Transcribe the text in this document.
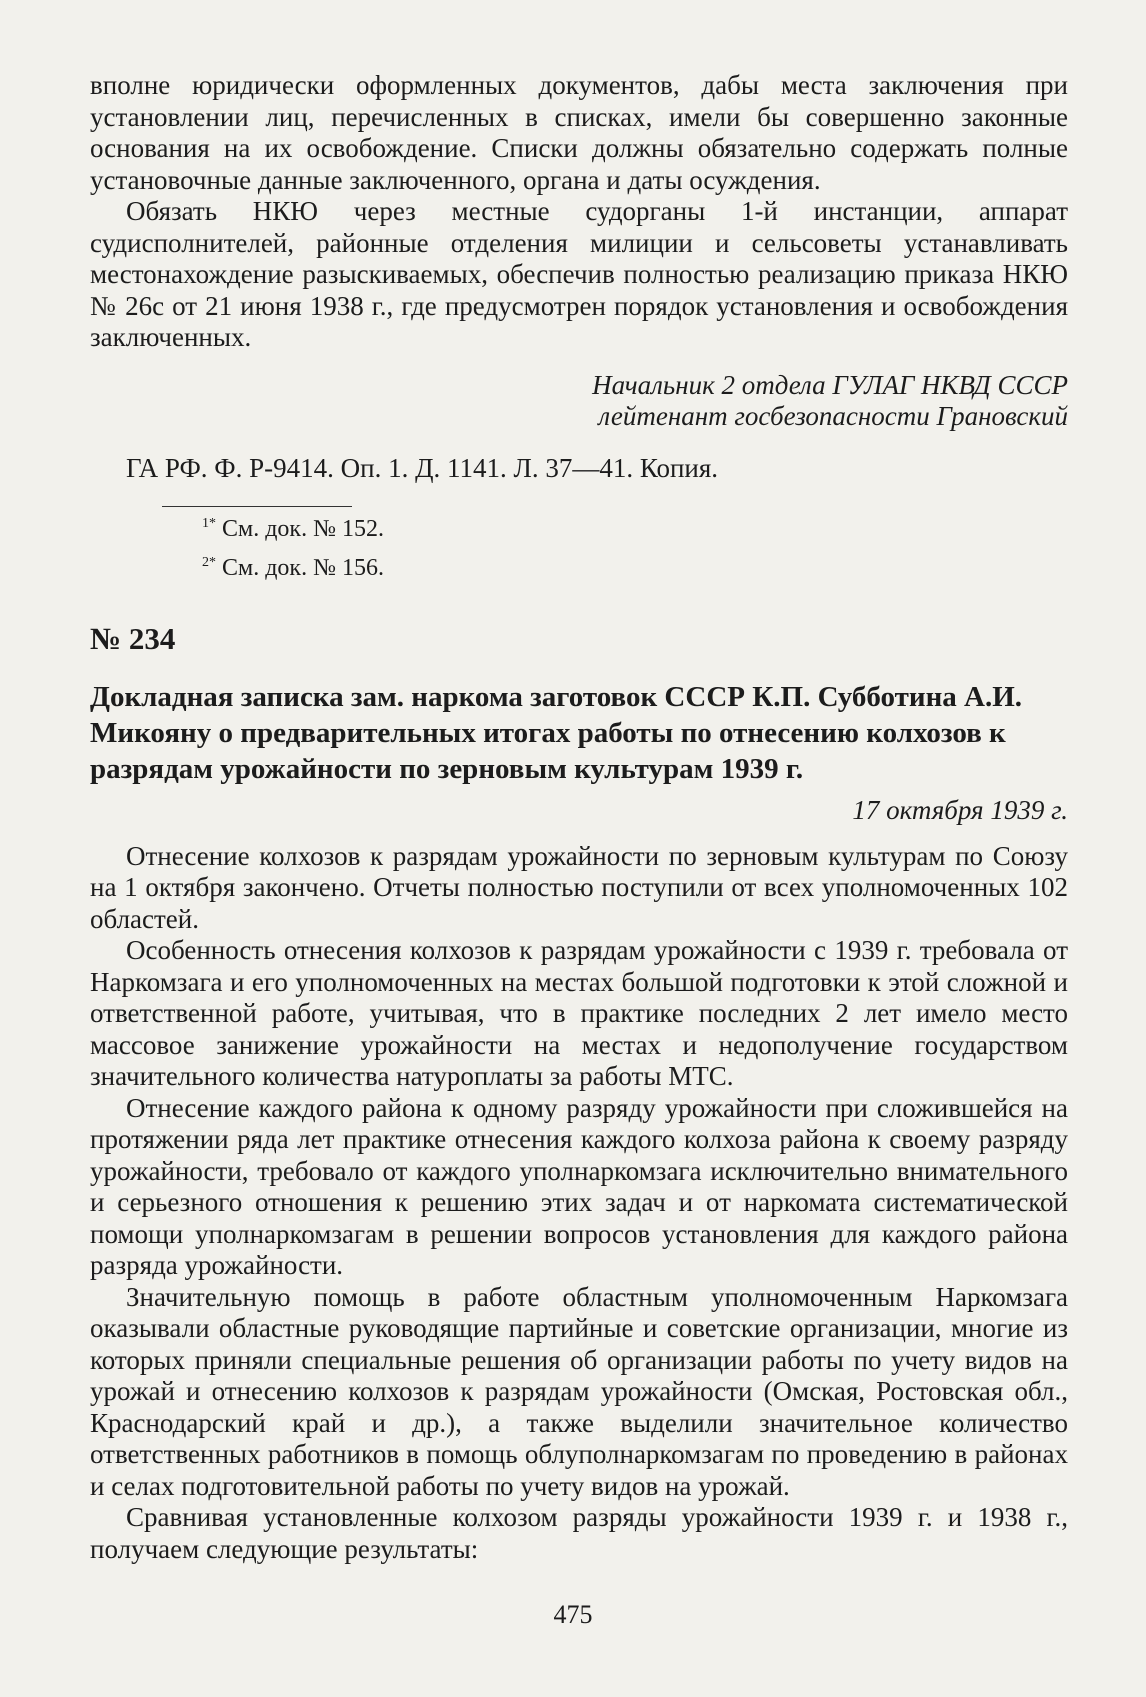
вполне юридически оформленных документов, дабы места заключения при установлении лиц, перечисленных в списках, имели бы совершенно законные основания на их освобождение. Списки должны обязательно содержать полные установочные данные заключенного, органа и даты осуждения.

Обязать НКЮ через местные судорганы 1-й инстанции, аппарат судисполнителей, районные отделения милиции и сельсоветы устанавливать местонахождение разыскиваемых, обеспечив полностью реализацию приказа НКЮ № 26с от 21 июня 1938 г., где предусмотрен порядок установления и освобождения заключенных.

Начальник 2 отдела ГУЛАГ НКВД СССР
лейтенант госбезопасности Грановский

ГА РФ. Ф. Р-9414. Оп. 1. Д. 1141. Л. 37—41. Копия.

$^{1*}$ См. док. № 152.
$^{2*}$ См. док. № 156.
№ 234
Докладная записка зам. наркома заготовок СССР К.П. Субботина А.И. Микояну о предварительных итогах работы по отнесению колхозов к разрядам урожайности по зерновым культурам 1939 г.

17 октября 1939 г.

Отнесение колхозов к разрядам урожайности по зерновым культурам по Союзу на 1 октября закончено. Отчеты полностью поступили от всех уполномоченных 102 областей.

Особенность отнесения колхозов к разрядам урожайности с 1939 г. требовала от Наркомзага и его уполномоченных на местах большой подготовки к этой сложной и ответственной работе, учитывая, что в практике последних 2 лет имело место массовое занижение урожайности на местах и недополучение государством значительного количества натуроплаты за работы МТС.

Отнесение каждого района к одному разряду урожайности при сложившейся на протяжении ряда лет практике отнесения каждого колхоза района к своему разряду урожайности, требовало от каждого уполнаркомзага исключительно внимательного и серьезного отношения к решению этих задач и от наркомата систематической помощи уполнаркомзагам в решении вопросов установления для каждого района разряда урожайности.

Значительную помощь в работе областным уполномоченным Наркомзага оказывали областные руководящие партийные и советские организации, многие из которых приняли специальные решения об организации работы по учету видов на урожай и отнесению колхозов к разрядам урожайности (Омская, Ростовская обл., Краснодарский край и др.), а также выделили значительное количество ответственных работников в помощь облуполнаркомзагам по проведению в районах и селах подготовительной работы по учету видов на урожай.

Сравнивая установленные колхозом разряды урожайности 1939 г. и 1938 г., получаем следующие результаты:

475
